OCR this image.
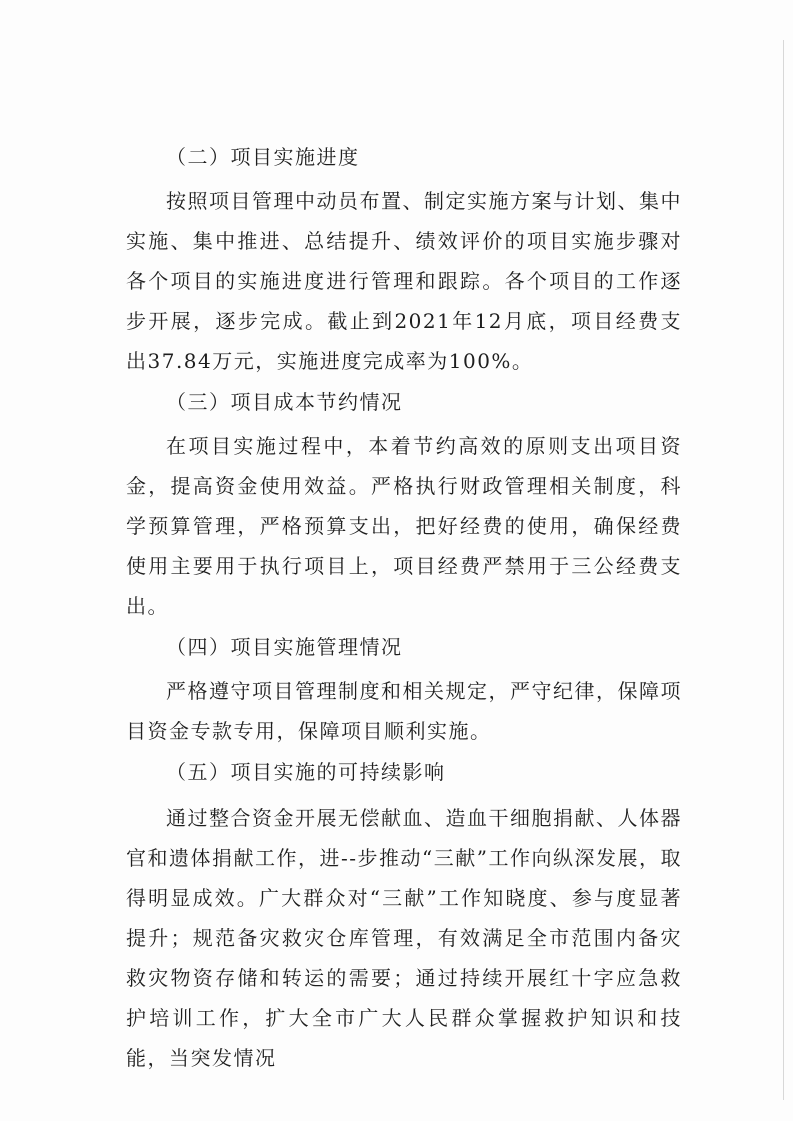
（二）项目实施进度

按照项目管理中动员布置、制定实施方案与计划、集中实施、集中推进、总结提升、绩效评价的项目实施步骤对各个项目的实施进度进行管理和跟踪。各个项目的工作逐步开展，逐步完成。截止到2021年12月底，项目经费支出37.84万元，实施进度完成率为100%。

（三）项目成本节约情况

在项目实施过程中，本着节约高效的原则支出项目资金，提高资金使用效益。严格执行财政管理相关制度，科学预算管理，严格预算支出，把好经费的使用，确保经费使用主要用于执行项目上，项目经费严禁用于三公经费支出。

（四）项目实施管理情况

严格遵守项目管理制度和相关规定，严守纪律，保障项目资金专款专用，保障项目顺利实施。

（五）项目实施的可持续影响

通过整合资金开展无偿献血、造血干细胞捐献、人体器官和遗体捐献工作，进--步推动“三献”工作向纵深发展，取得明显成效。广大群众对“三献”工作知晓度、参与度显著提升；规范备灾救灾仓库管理，有效满足全市范围内备灾救灾物资存储和转运的需要；通过持续开展红十字应急救护培训工作，扩大全市广大人民群众掌握救护知识和技能，当突发情况
